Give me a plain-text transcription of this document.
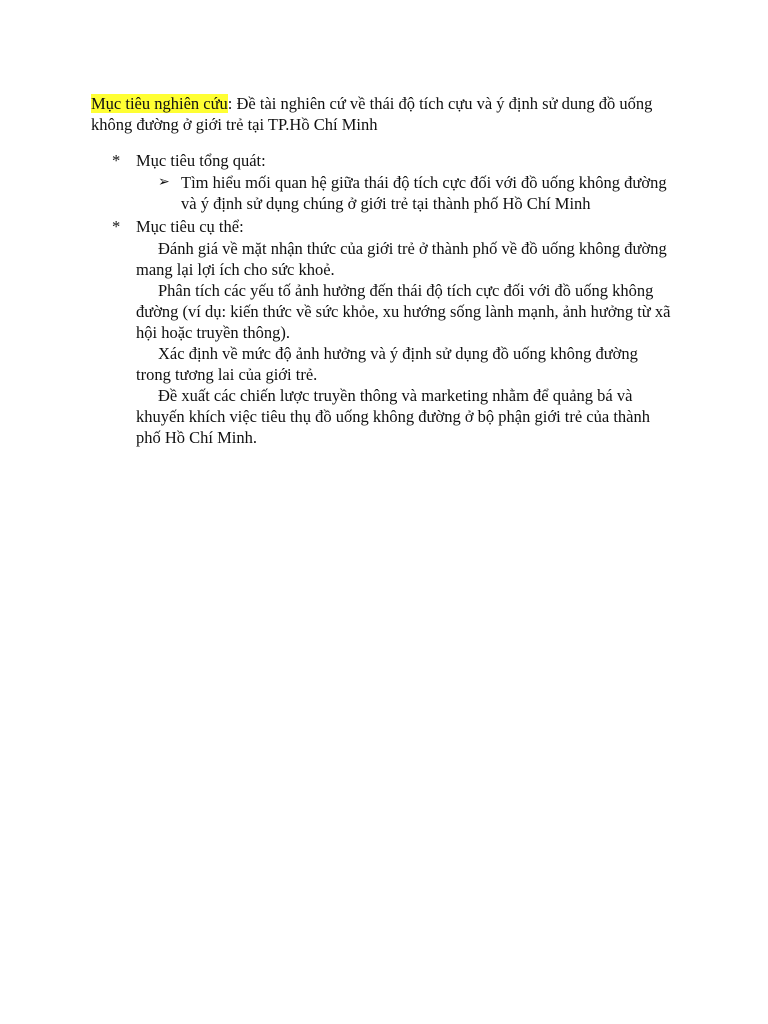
Mục tiêu nghiên cứu: Đề tài nghiên cứ về thái độ tích cựu và ý định sử dung đồ uống không đường ở giới trẻ tại TP.Hồ Chí Minh

* Mục tiêu tổng quát:
➢ Tìm hiểu mối quan hệ giữa thái độ tích cực đối với đồ uống không đường và ý định sử dụng chúng ở giới trẻ tại thành phố Hồ Chí Minh
* Mục tiêu cụ thể:

Đánh giá về mặt nhận thức của giới trẻ ở thành phố về đồ uống không đường mang lại lợi ích cho sức khoẻ.

Phân tích các yếu tố ảnh hưởng đến thái độ tích cực đối với đồ uống không đường (ví dụ: kiến thức về sức khỏe, xu hướng sống lành mạnh, ảnh hưởng từ xã hội hoặc truyền thông).

Xác định về mức độ ảnh hưởng và ý định sử dụng đồ uống không đường trong tương lai của giới trẻ.

Đề xuất các chiến lược truyền thông và marketing nhằm để quảng bá và khuyến khích việc tiêu thụ đồ uống không đường ở bộ phận giới trẻ của thành phố Hồ Chí Minh.
